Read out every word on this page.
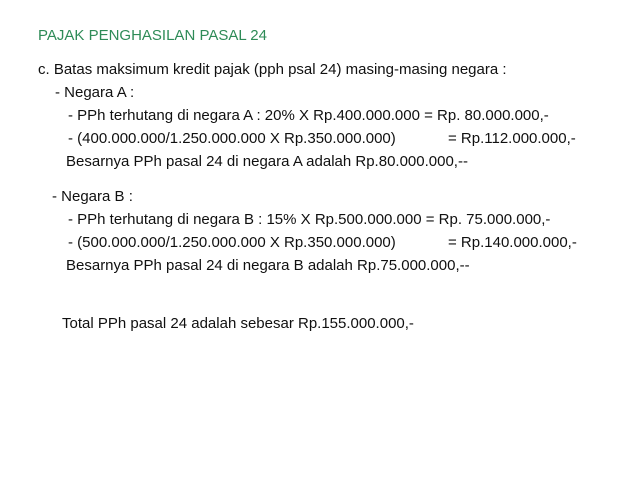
PAJAK PENGHASILAN PASAL 24
c. Batas maksimum kredit pajak (pph psal 24) masing-masing negara :
- Negara A :
- PPh terhutang di negara A : 20% X Rp.400.000.000 = Rp. 80.000.000,-
- (400.000.000/1.250.000.000 X Rp.350.000.000)	= Rp.112.000.000,-
Besarnya PPh pasal 24 di negara A adalah Rp.80.000.000,--
- Negara B :
- PPh terhutang di negara B : 15% X Rp.500.000.000 = Rp. 75.000.000,-
- (500.000.000/1.250.000.000 X Rp.350.000.000)	= Rp.140.000.000,-
Besarnya PPh pasal 24 di negara B adalah Rp.75.000.000,--
Total PPh pasal 24 adalah sebesar Rp.155.000.000,-
